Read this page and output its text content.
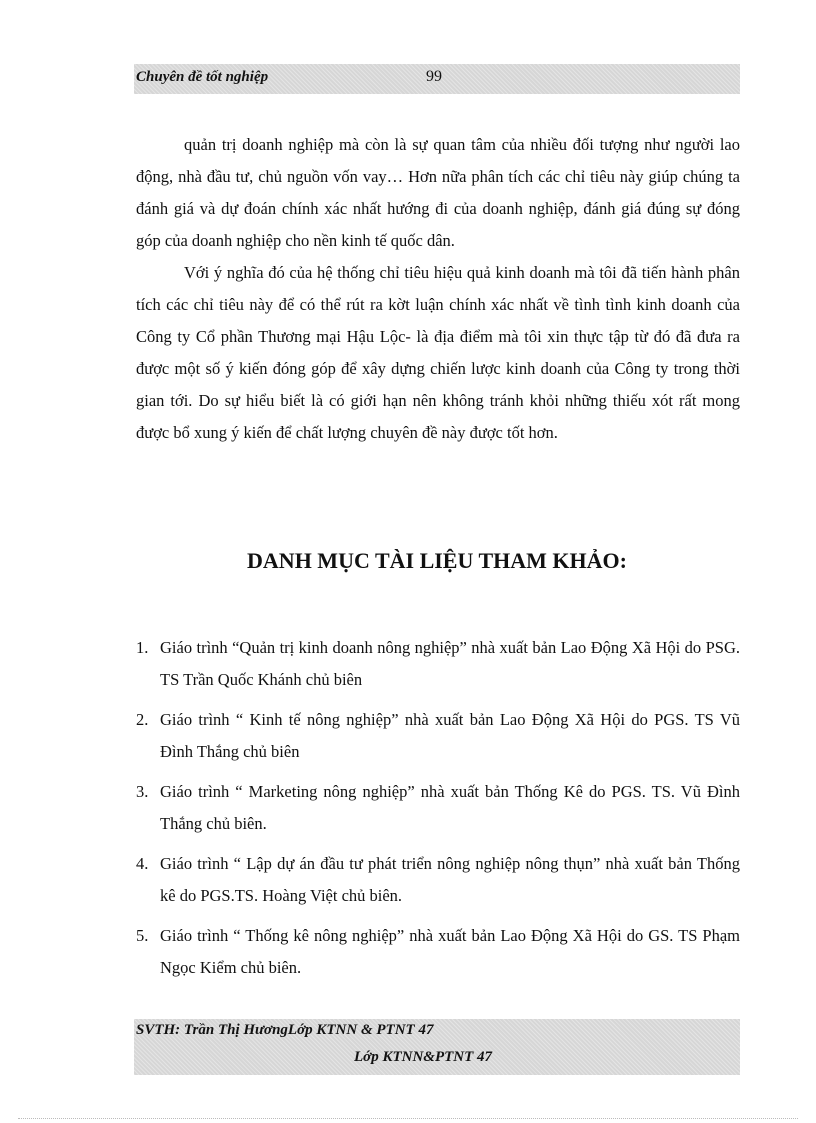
Chuyên đề tốt nghiệp	99

quản trị doanh nghiệp mà còn là sự quan tâm của nhiều đối tượng như người lao động, nhà đầu tư, chủ nguồn vốn vay… Hơn nữa phân tích các chỉ tiêu này giúp chúng ta đánh giá và dự đoán chính xác nhất hướng đi của doanh nghiệp, đánh giá đúng sự đóng góp của doanh nghiệp cho nền kinh tế quốc dân.

Với ý nghĩa đó của hệ thống chỉ tiêu hiệu quả kinh doanh mà tôi đã tiến hành phân tích các chỉ tiêu này để có thể rút ra kờt luận chính xác nhất về tình tình kinh doanh của Công ty Cổ phần Thương mại Hậu Lộc- là địa điểm mà tôi xin thực tập từ đó đã đưa ra được một số ý kiến đóng góp để xây dựng chiến lược kinh doanh của Công ty trong thời gian tới. Do sự hiểu biết là có giới hạn nên không tránh khỏi những thiếu xót rất mong được bổ xung ý kiến để chất lượng chuyên đề này được tốt hơn.

DANH MỤC TÀI LIỆU THAM KHẢO:
1. Giáo trình “Quản trị kinh doanh nông nghiệp” nhà xuất bản Lao Động Xã Hội do PSG. TS Trần Quốc Khánh chủ biên
2. Giáo trình “ Kinh tế nông nghiệp” nhà xuất bản Lao Động Xã Hội do PGS. TS Vũ Đình Thắng chủ biên
3. Giáo trình “ Marketing nông nghiệp” nhà xuất bản Thống Kê do PGS. TS. Vũ Đình Thắng chủ biên.
4. Giáo trình “ Lập dự án đầu tư phát triển nông nghiệp nông thụn” nhà xuất bản Thống kê do PGS.TS. Hoàng Việt chủ biên.
5. Giáo trình “ Thống kê nông nghiệp” nhà xuất bản Lao Động Xã Hội do GS. TS Phạm Ngọc Kiểm chủ biên.
SVTH: Trần Thị HươngLớp KTNN & PTNT 47
Lớp KTNN&PTNT 47
